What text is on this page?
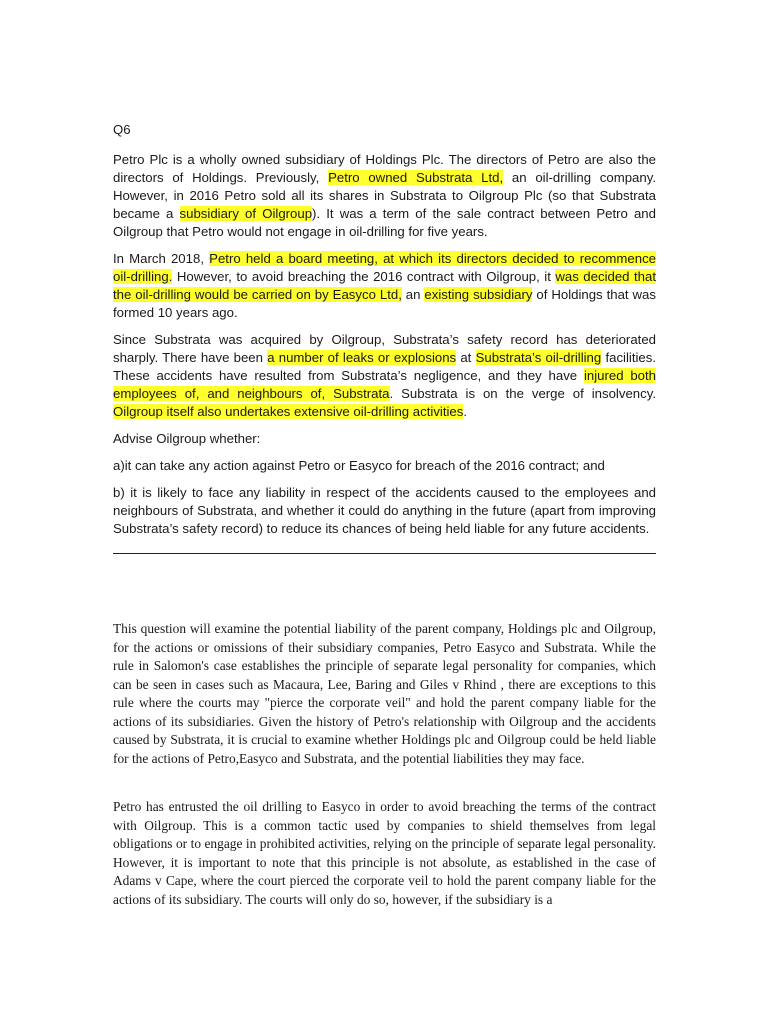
Q6

Petro Plc is a wholly owned subsidiary of Holdings Plc. The directors of Petro are also the directors of Holdings. Previously, Petro owned Substrata Ltd, an oil-drilling company. However, in 2016 Petro sold all its shares in Substrata to Oilgroup Plc (so that Substrata became a subsidiary of Oilgroup). It was a term of the sale contract between Petro and Oilgroup that Petro would not engage in oil-drilling for five years.

In March 2018, Petro held a board meeting, at which its directors decided to recommence oil-drilling. However, to avoid breaching the 2016 contract with Oilgroup, it was decided that the oil-drilling would be carried on by Easyco Ltd, an existing subsidiary of Holdings that was formed 10 years ago.

Since Substrata was acquired by Oilgroup, Substrata’s safety record has deteriorated sharply. There have been a number of leaks or explosions at Substrata’s oil-drilling facilities. These accidents have resulted from Substrata’s negligence, and they have injured both employees of, and neighbours of, Substrata. Substrata is on the verge of insolvency. Oilgroup itself also undertakes extensive oil-drilling activities.

Advise Oilgroup whether:

a)it can take any action against Petro or Easyco for breach of the 2016 contract; and

b) it is likely to face any liability in respect of the accidents caused to the employees and neighbours of Substrata, and whether it could do anything in the future (apart from improving Substrata’s safety record) to reduce its chances of being held liable for any future accidents.

This question will examine the potential liability of the parent company, Holdings plc and Oilgroup, for the actions or omissions of their subsidiary companies, Petro Easyco and Substrata. While the rule in Salomon's case establishes the principle of separate legal personality for companies, which can be seen in cases such as Macaura, Lee, Baring and Giles v Rhind , there are exceptions to this rule where the courts may "pierce the corporate veil" and hold the parent company liable for the actions of its subsidiaries. Given the history of Petro's relationship with Oilgroup and the accidents caused by Substrata, it is crucial to examine whether Holdings plc and Oilgroup could be held liable for the actions of Petro,Easyco and Substrata, and the potential liabilities they may face.

Petro has entrusted the oil drilling to Easyco in order to avoid breaching the terms of the contract with Oilgroup. This is a common tactic used by companies to shield themselves from legal obligations or to engage in prohibited activities, relying on the principle of separate legal personality. However, it is important to note that this principle is not absolute, as established in the case of Adams v Cape, where the court pierced the corporate veil to hold the parent company liable for the actions of its subsidiary. The courts will only do so, however, if the subsidiary is a
